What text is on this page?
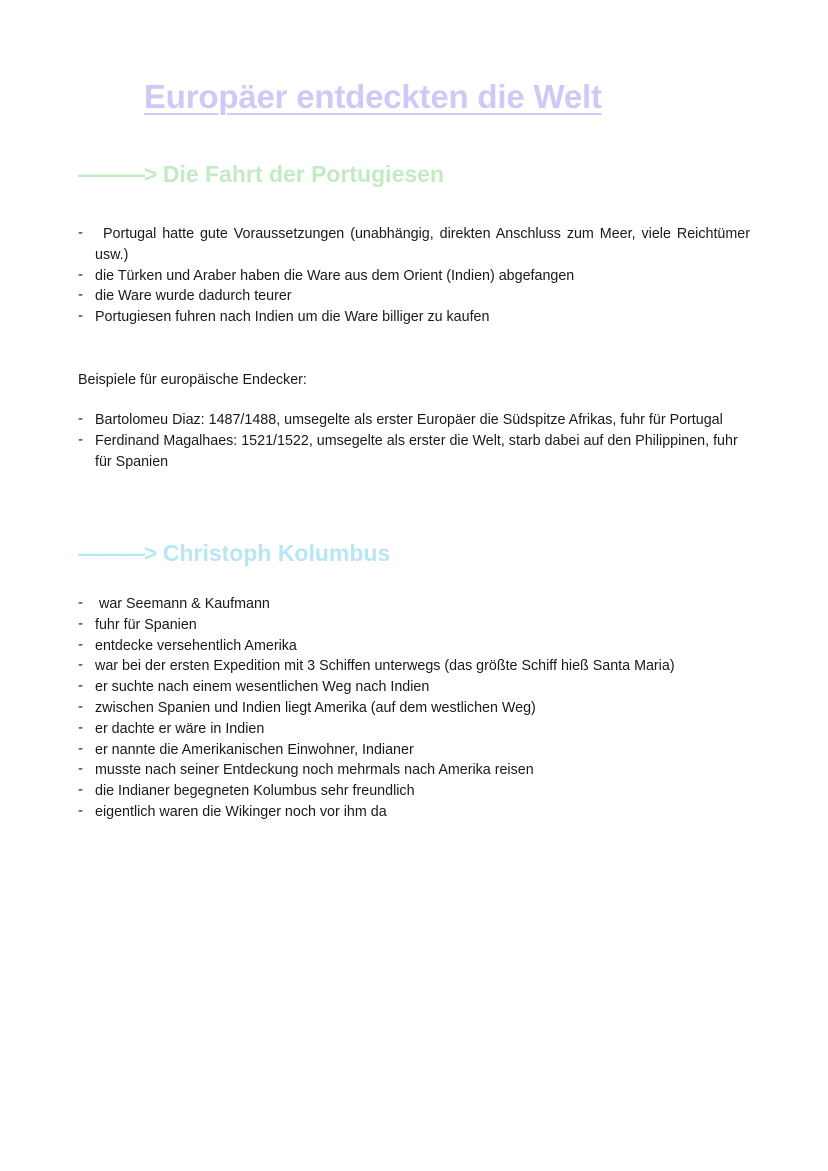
Europäer entdeckten die Welt
———> Die Fahrt der Portugiesen
- Portugal hatte gute Voraussetzungen (unabhängig, direkten Anschluss zum Meer, viele Reichtümer usw.)
- die Türken und Araber haben die Ware aus dem Orient (Indien) abgefangen
- die Ware wurde dadurch teurer
- Portugiesen fuhren nach Indien um die Ware billiger zu kaufen

Beispiele für europäische Endecker:

- Bartolomeu Diaz: 1487/1488, umsegelte als erster Europäer die Südspitze Afrikas, fuhr für Portugal
- Ferdinand Magalhaes: 1521/1522, umsegelte als erster die Welt, starb dabei auf den Philippinen, fuhr für Spanien
———> Christoph Kolumbus
- war Seemann & Kaufmann
- fuhr für Spanien
- entdecke versehentlich Amerika
- war bei der ersten Expedition mit 3 Schiffen unterwegs (das größte Schiff hieß Santa Maria)
- er suchte nach einem wesentlichen Weg nach Indien
- zwischen Spanien und Indien liegt Amerika (auf dem westlichen Weg)
- er dachte er wäre in Indien
- er nannte die Amerikanischen Einwohner, Indianer
- musste nach seiner Entdeckung noch mehrmals nach Amerika reisen
- die Indianer begegneten Kolumbus sehr freundlich
- eigentlich waren die Wikinger noch vor ihm da
